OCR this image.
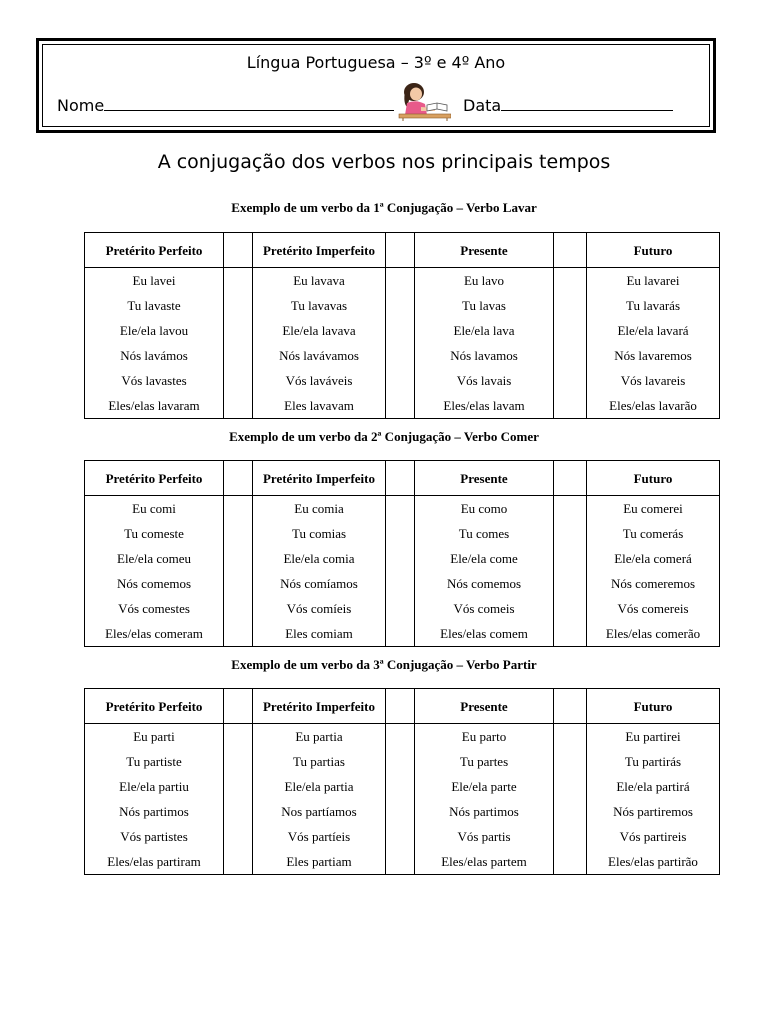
Língua Portuguesa – 3º e 4º Ano
Nome	Data
A conjugação dos verbos nos principais tempos
Exemplo de um verbo da 1ª Conjugação – Verbo Lavar
Pretérito Perfeito		Pretérito Imperfeito		Presente		Futuro
Eu lavei		Eu lavava		Eu lavo		Eu lavarei
Tu lavaste		Tu lavavas		Tu lavas		Tu lavarás
Ele/ela lavou		Ele/ela lavava		Ele/ela lava		Ele/ela lavará
Nós lavámos		Nós lavávamos		Nós lavamos		Nós lavaremos
Vós lavastes		Vós laváveis		Vós lavais		Vós lavareis
Eles/elas lavaram		Eles lavavam		Eles/elas lavam		Eles/elas lavarão
Exemplo de um verbo da 2ª Conjugação – Verbo Comer
Pretérito Perfeito		Pretérito Imperfeito		Presente		Futuro
Eu comi		Eu comia		Eu como		Eu comerei
Tu comeste		Tu comias		Tu comes		Tu comerás
Ele/ela comeu		Ele/ela comia		Ele/ela come		Ele/ela comerá
Nós comemos		Nós comíamos		Nós comemos		Nós comeremos
Vós comestes		Vós comíeis		Vós comeis		Vós comereis
Eles/elas comeram		Eles comiam		Eles/elas comem		Eles/elas comerão
Exemplo de um verbo da 3ª Conjugação – Verbo Partir
Pretérito Perfeito		Pretérito Imperfeito		Presente		Futuro
Eu parti		Eu partia		Eu parto		Eu partirei
Tu partiste		Tu partias		Tu partes		Tu partirás
Ele/ela partiu		Ele/ela partia		Ele/ela parte		Ele/ela partirá
Nós partimos		Nos partíamos		Nós partimos		Nós partiremos
Vós partistes		Vós partíeis		Vós partis		Vós partireis
Eles/elas partiram		Eles partiam		Eles/elas partem		Eles/elas partirão
